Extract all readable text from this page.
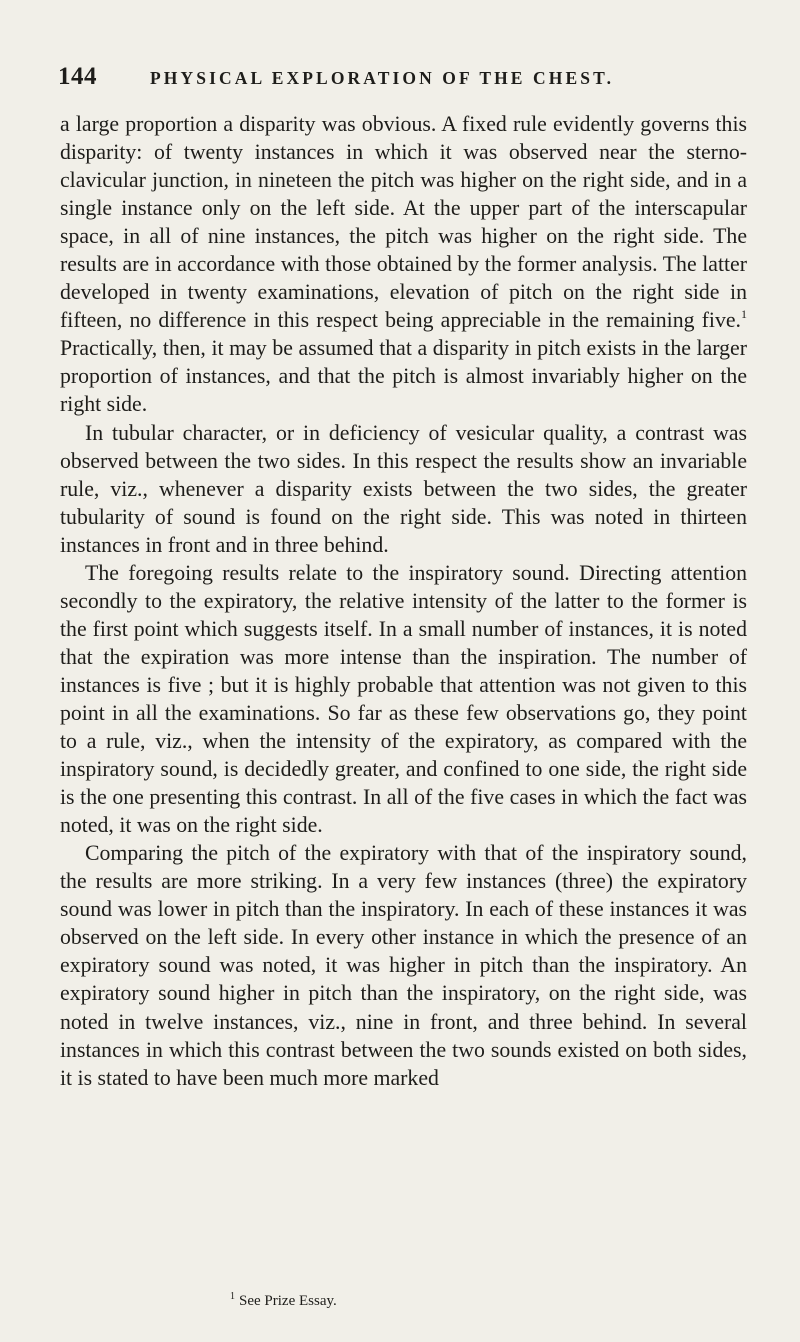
144	PHYSICAL EXPLORATION OF THE CHEST.

a large proportion a disparity was obvious. A fixed rule evidently governs this disparity: of twenty instances in which it was observed near the sterno-clavicular junction, in nineteen the pitch was higher on the right side, and in a single instance only on the left side. At the upper part of the interscapular space, in all of nine instances, the pitch was higher on the right side. The results are in accordance with those obtained by the former analysis. The latter developed in twenty examinations, elevation of pitch on the right side in fifteen, no difference in this respect being appreciable in the remaining five.$^1$ Practically, then, it may be assumed that a disparity in pitch exists in the larger proportion of instances, and that the pitch is almost invariably higher on the right side.

In tubular character, or in deficiency of vesicular quality, a contrast was observed between the two sides. In this respect the results show an invariable rule, viz., whenever a disparity exists between the two sides, the greater tubularity of sound is found on the right side. This was noted in thirteen instances in front and in three behind.

The foregoing results relate to the inspiratory sound. Directing attention secondly to the expiratory, the relative intensity of the latter to the former is the first point which suggests itself. In a small number of instances, it is noted that the expiration was more intense than the inspiration. The number of instances is five ; but it is highly probable that attention was not given to this point in all the examinations. So far as these few observations go, they point to a rule, viz., when the intensity of the expiratory, as compared with the inspiratory sound, is decidedly greater, and confined to one side, the right side is the one presenting this contrast. In all of the five cases in which the fact was noted, it was on the right side.

Comparing the pitch of the expiratory with that of the inspiratory sound, the results are more striking. In a very few instances (three) the expiratory sound was lower in pitch than the inspiratory. In each of these instances it was observed on the left side. In every other instance in which the presence of an expiratory sound was noted, it was higher in pitch than the inspiratory. An expiratory sound higher in pitch than the inspiratory, on the right side, was noted in twelve instances, viz., nine in front, and three behind. In several instances in which this contrast between the two sounds existed on both sides, it is stated to have been much more marked

$^1$ See Prize Essay.
